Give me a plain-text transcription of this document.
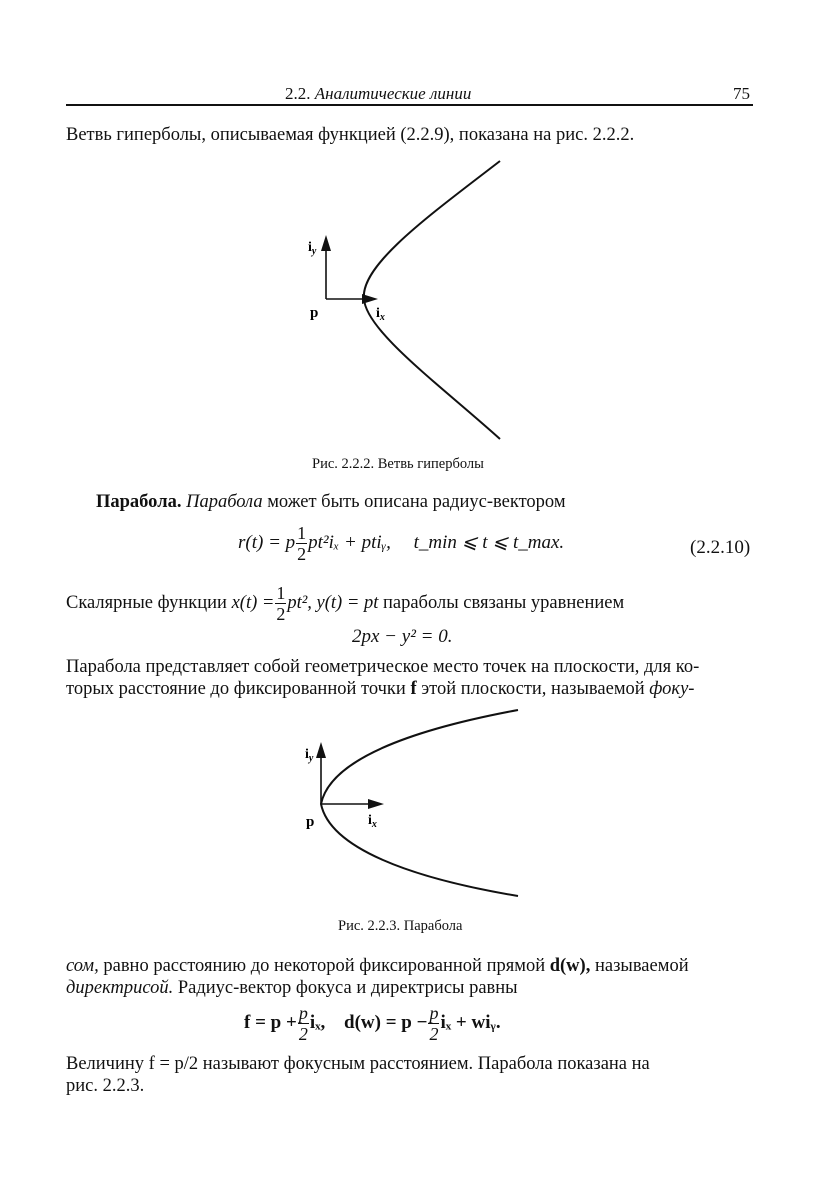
2.2. Аналитические линии	75
Ветвь гиперболы, описываемая функцией (2.2.9), показана на рис. 2.2.2.
$i_y$
$i_x$
p
Рис. 2.2.2. Ветвь гиперболы
Парабола. Парабола может быть описана радиус-вектором
r(t) = p $\frac{1}{2} pt^2i_x$ + ptiᵧ, t_min ⩽ t ⩽ t_max.	(2.2.10)
Скалярные функции $x(t) = \frac{1}{2} pt^2$, y(t) = pt параболы связаны уравнением
2px − y² = 0.
Парабола представляет собой геометрическое место точек на плоскости, для ко-
торых расстояние до фиксированной точки f этой плоскости, называемой фоку-
$i_y$
$i_x$
p
Рис. 2.2.3. Парабола
сом, равно расстоянию до некоторой фиксированной прямой d(w), называемой
директрисой. Радиус-вектор фокуса и директрисы равны
$f = p + \frac{p}{2} i_x$, $d(w) = p - \frac{p}{2}$ iₓ + wiᵧ.
Величину f = p/2 называют фокусным расстоянием. Парабола показана на
рис. 2.2.3.
